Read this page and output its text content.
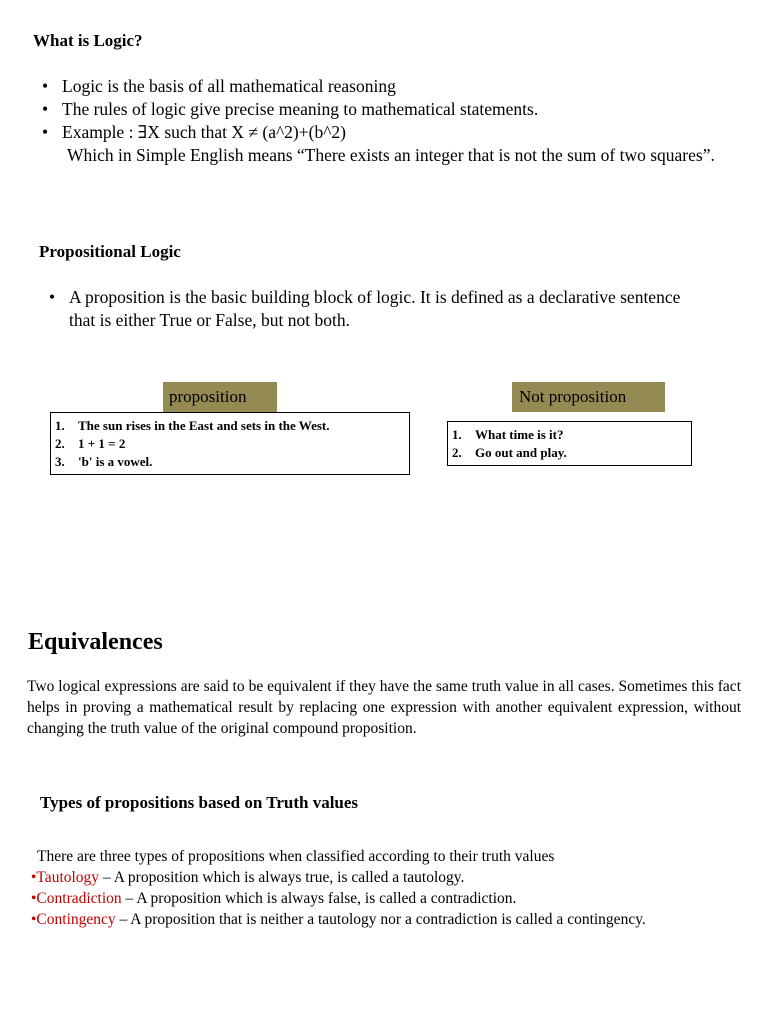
What is Logic?
• Logic is the basis of all mathematical reasoning
• The rules of logic give precise meaning to mathematical statements.
• Example : ∃X such that X ≠ (a^2)+(b^2)
Which in Simple English means “There exists an integer that is not the sum of two squares”.
Propositional Logic
• A proposition is the basic building block of logic. It is defined as a declarative sentence that is either True or False, but not both.
proposition
1. The sun rises in the East and sets in the West.
2. 1 + 1 = 2
3. 'b' is a vowel.
Not proposition
1. What time is it?
2. Go out and play.
Equivalences
Two logical expressions are said to be equivalent if they have the same truth value in all cases. Sometimes this fact helps in proving a mathematical result by replacing one expression with another equivalent expression, without changing the truth value of the original compound proposition.
Types of propositions based on Truth values
There are three types of propositions when classified according to their truth values
•Tautology – A proposition which is always true, is called a tautology.
•Contradiction – A proposition which is always false, is called a contradiction.
•Contingency – A proposition that is neither a tautology nor a contradiction is called a contingency.
